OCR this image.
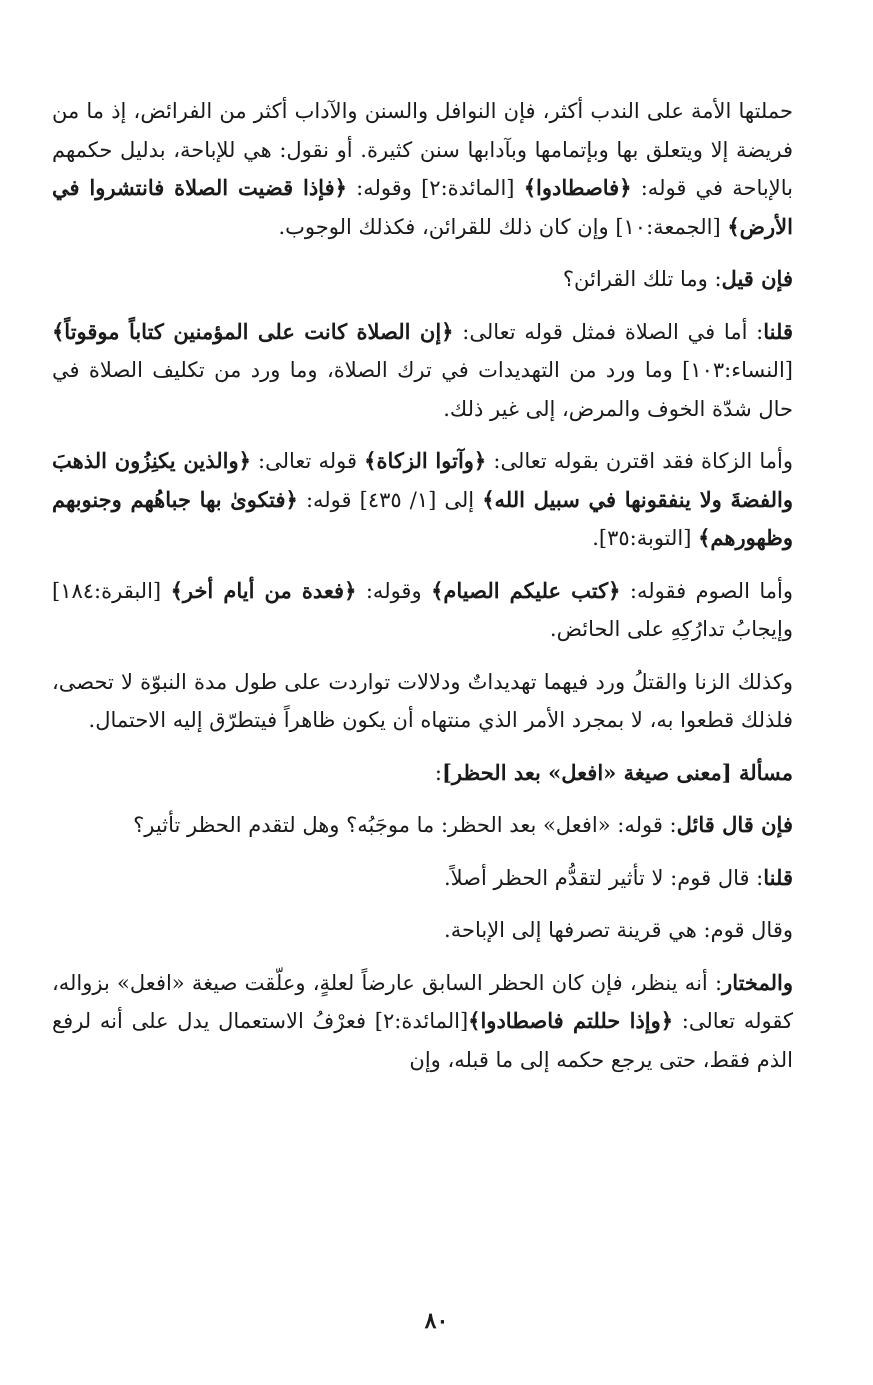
حملتها الأمة على الندب أكثر، فإن النوافل والسنن والآداب أكثر من الفرائض، إذ ما من فريضة إلا ويتعلق بها وبإتمامها وبآدابها سنن كثيرة. أو نقول: هي للإباحة، بدليل حكمهم بالإباحة في قوله: ﴿فاصطادوا﴾ [المائدة:٢] وقوله: ﴿فإذا قضيت الصلاة فانتشروا في الأرض﴾ [الجمعة:١٠] وإن كان ذلك للقرائن، فكذلك الوجوب.

فإن قيل: وما تلك القرائن؟

قلنا: أما في الصلاة فمثل قوله تعالى: ﴿إن الصلاة كانت على المؤمنين كتاباً موقوتاً﴾ [النساء:١٠٣] وما ورد من التهديدات في ترك الصلاة، وما ورد من تكليف الصلاة في حال شدّة الخوف والمرض، إلى غير ذلك.

وأما الزكاة فقد اقترن بقوله تعالى: ﴿وآتوا الزكاة﴾ قوله تعالى: ﴿والذين يكنِزُون الذهبَ والفضةَ ولا ينفقونها في سبيل الله﴾ إلى [١/ ٤٣٥] قوله: ﴿فتكوىٰ بها جباهُهم وجنوبهم وظهورهم﴾ [التوبة:٣٥].

وأما الصوم فقوله: ﴿كتب عليكم الصيام﴾ وقوله: ﴿فعدة من أيام أخر﴾ [البقرة:١٨٤] وإيجابُ تدارُكِهِ على الحائض.

وكذلك الزنا والقتلُ ورد فيهما تهديداتٌ ودلالات تواردت على طول مدة النبوّة لا تحصى، فلذلك قطعوا به، لا بمجرد الأمر الذي منتهاه أن يكون ظاهراً فيتطرّق إليه الاحتمال.

مسألة [معنى صيغة «افعل» بعد الحظر]:

فإن قال قائل: قوله: «افعل» بعد الحظر: ما موجَبُه؟ وهل لتقدم الحظر تأثير؟

قلنا: قال قوم: لا تأثير لتقدُّم الحظر أصلاً.

وقال قوم: هي قرينة تصرفها إلى الإباحة.

والمختار: أنه ينظر، فإن كان الحظر السابق عارضاً لعلةٍ، وعلّقت صيغة «افعل» بزواله، كقوله تعالى: ﴿وإذا حللتم فاصطادوا﴾[المائدة:٢] فعرْفُ الاستعمال يدل على أنه لرفع الذم فقط، حتى يرجع حكمه إلى ما قبله، وإن

٨٠
